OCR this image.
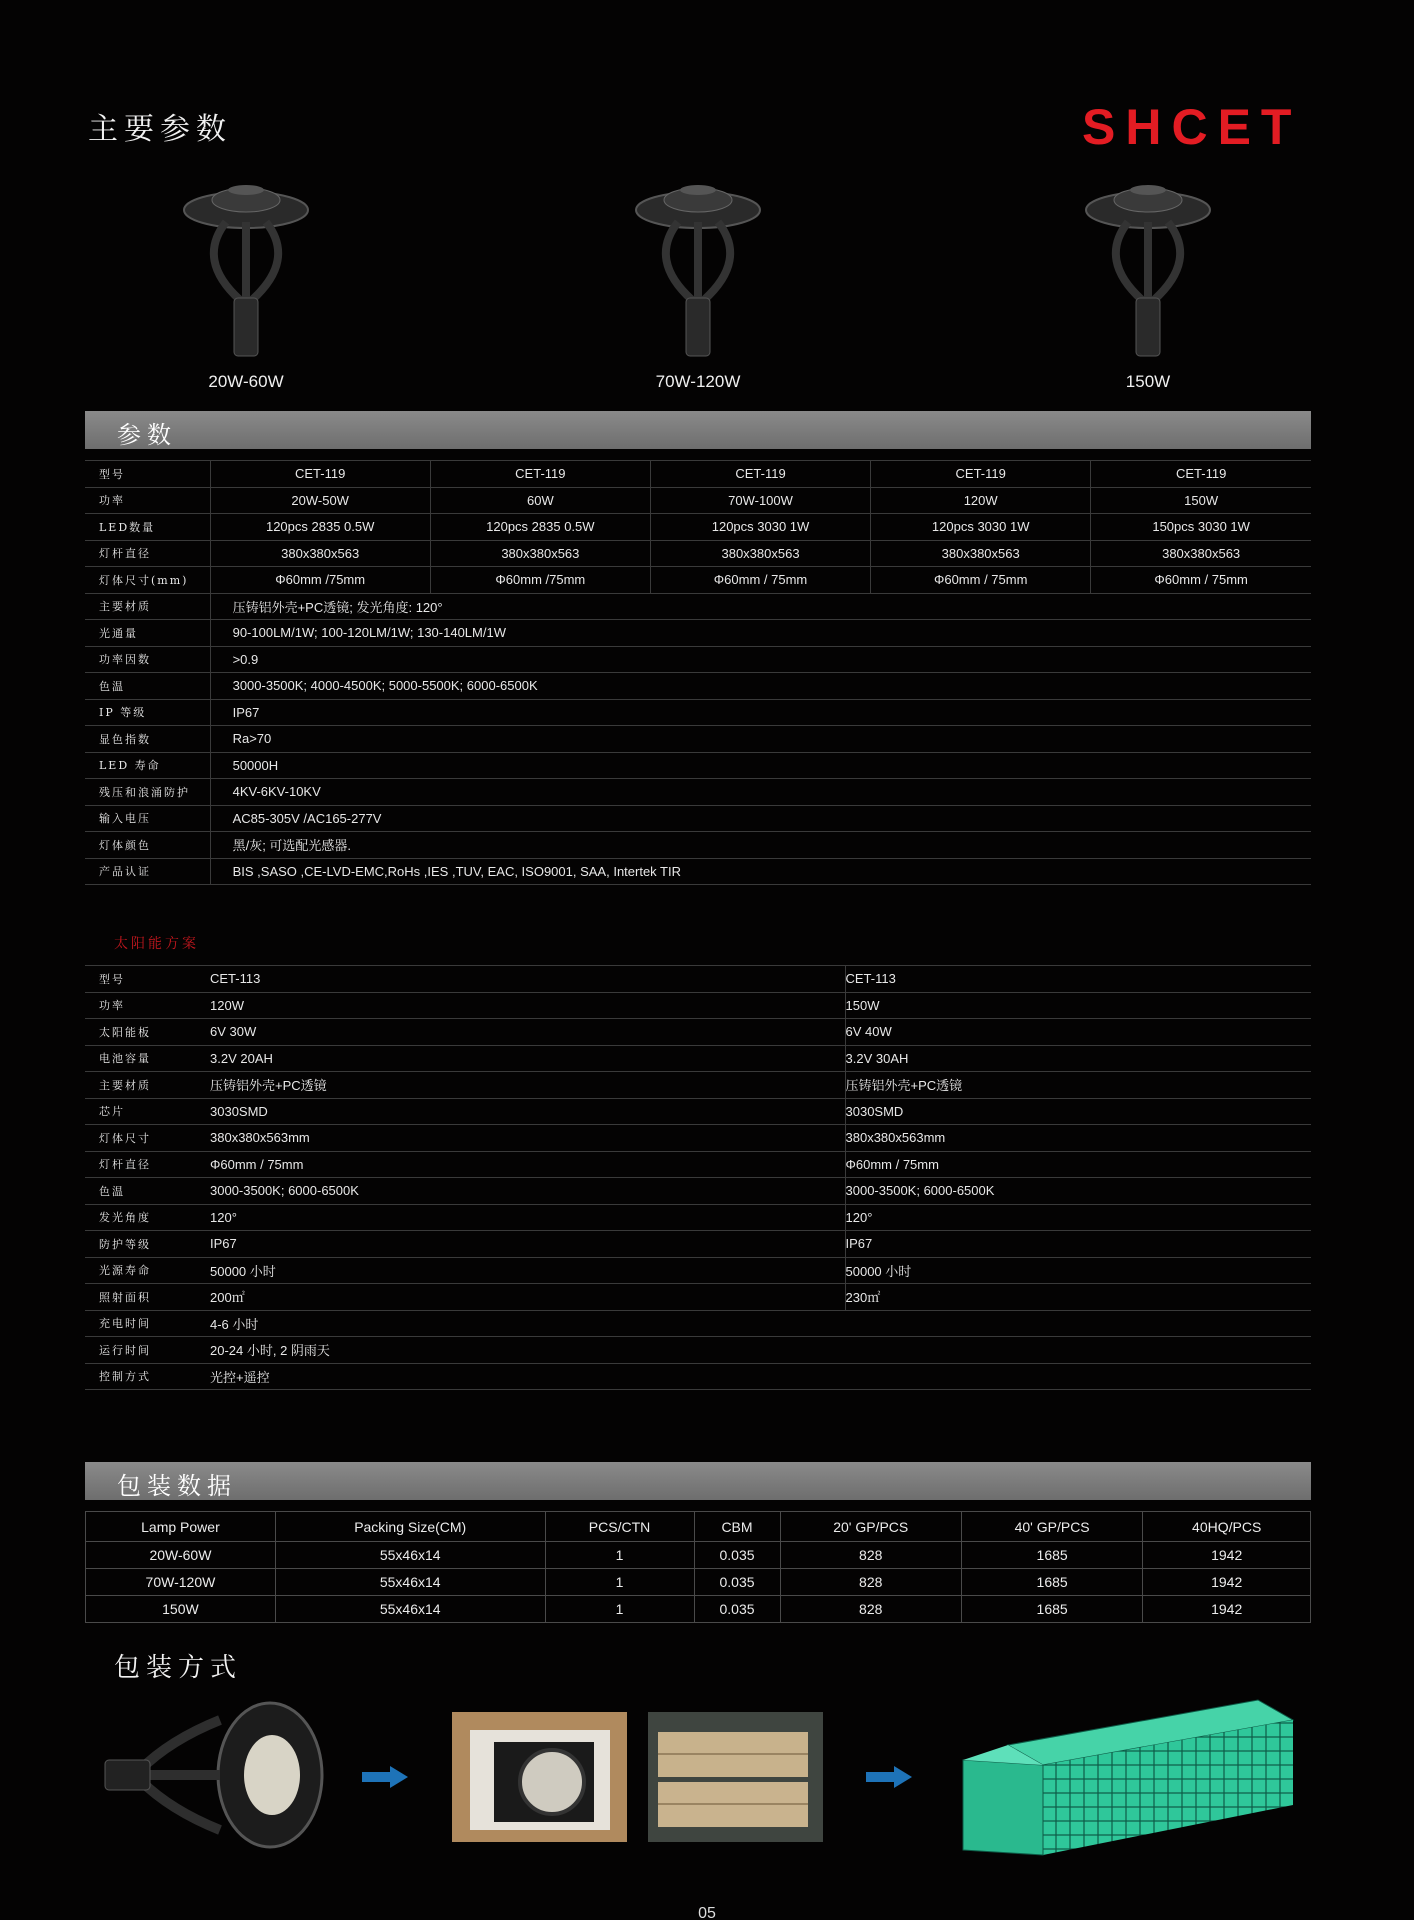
主要参数	SHCET
20W-60W	70W-120W	150W
参数
型号	CET-119	CET-119	CET-119	CET-119	CET-119
功率	20W-50W	60W	70W-100W	120W	150W
LED数量	120pcs 2835 0.5W	120pcs 2835 0.5W	120pcs 3030 1W	120pcs 3030 1W	150pcs 3030 1W
灯杆直径	380x380x563	380x380x563	380x380x563	380x380x563	380x380x563
灯体尺寸(mm)	Φ60mm /75mm	Φ60mm /75mm	Φ60mm / 75mm	Φ60mm / 75mm	Φ60mm / 75mm
主要材质	压铸铝外壳+PC透镜; 发光角度: 120°				
光通量	90-100LM/1W; 100-120LM/1W; 130-140LM/1W				
功率因数	>0.9				
色温	3000-3500K; 4000-4500K; 5000-5500K; 6000-6500K				
IP 等级	IP67				
显色指数	Ra>70				
LED 寿命	50000H				
残压和浪涌防护	4KV-6KV-10KV				
输入电压	AC85-305V /AC165-277V				
灯体颜色	黑/灰; 可选配光感器.				
产品认证	BIS ,SASO ,CE-LVD-EMC,RoHs ,IES ,TUV, EAC, ISO9001, SAA, Intertek TIR				
太阳能方案
型号	CET-113	CET-113
功率	120W	150W
太阳能板	6V 30W	6V 40W
电池容量	3.2V 20AH	3.2V 30AH
主要材质	压铸铝外壳+PC透镜	压铸铝外壳+PC透镜
芯片	3030SMD	3030SMD
灯体尺寸	380x380x563mm	380x380x563mm
灯杆直径	Φ60mm / 75mm	Φ60mm / 75mm
色温	3000-3500K; 6000-6500K	3000-3500K; 6000-6500K
发光角度	120°	120°
防护等级	IP67	IP67
光源寿命	50000 小时	50000 小时
照射面积	200㎡	230㎡
充电时间	4-6 小时	
运行时间	20-24 小时, 2 阴雨天	
控制方式	光控+遥控	
包装数据
Lamp Power	Packing Size(CM)	PCS/CTN	CBM	20' GP/PCS	40' GP/PCS	40HQ/PCS
20W-60W	55x46x14	1	0.035	828	1685	1942
70W-120W	55x46x14	1	0.035	828	1685	1942
150W	55x46x14	1	0.035	828	1685	1942
包装方式
05
